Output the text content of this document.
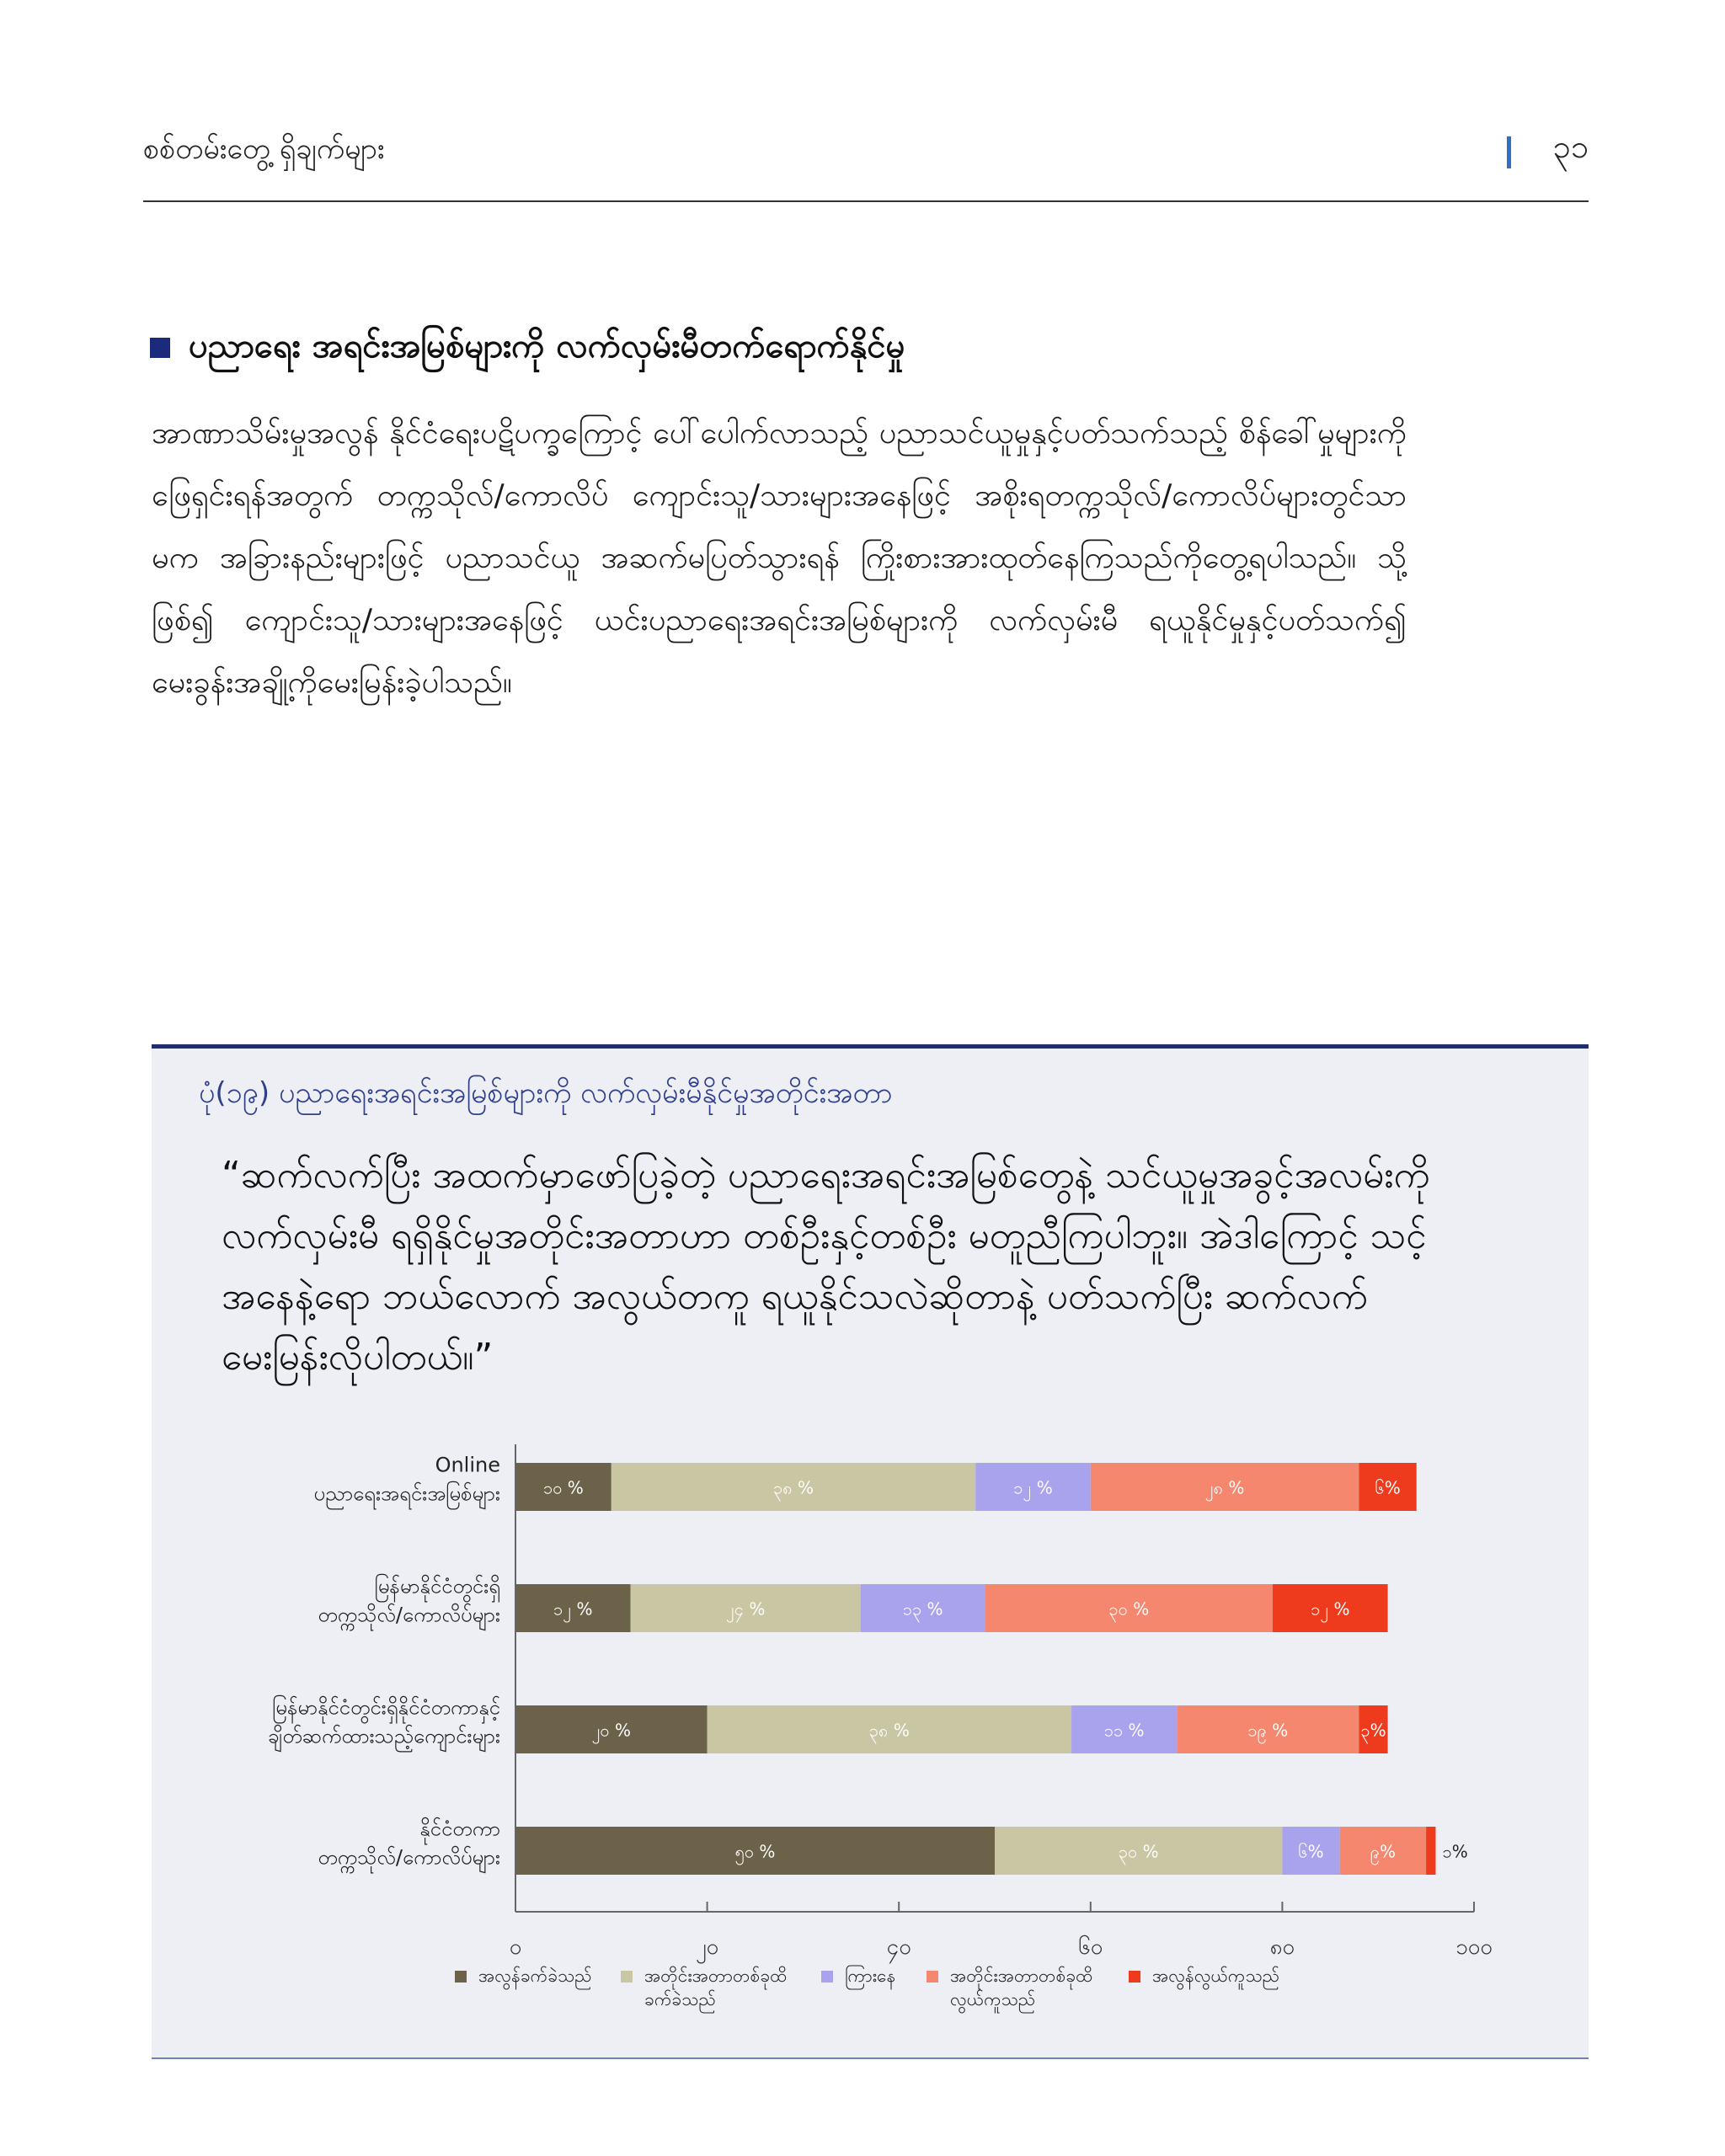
စစ်တမ်းတွေ့ ရှိချက်များ	၃၁
ပညာရေး အရင်းအမြစ်များကို လက်လှမ်းမီတက်ရောက်နိုင်မှု
အာဏာသိမ်းမှုအလွန် နိုင်ငံရေးပဋိပက္ခကြောင့် ပေါ်ပေါက်လာသည့် ပညာသင်ယူမှုနှင့်ပတ်သက်သည့် စိန်ခေါ်မှုများကို ဖြေရှင်းရန်အတွက် တက္ကသိုလ်/ကောလိပ် ကျောင်းသူ/သားများအနေဖြင့် အစိုးရတက္ကသိုလ်/ကောလိပ်များတွင်သာမက အခြားနည်းများဖြင့် ပညာသင်ယူ အဆက်မပြတ်သွားရန် ကြိုးစားအားထုတ်နေကြသည်ကိုတွေ့ရပါသည်။ သို့ဖြစ်၍ ကျောင်းသူ/သားများအနေဖြင့် ယင်းပညာရေးအရင်းအမြစ်များကို လက်လှမ်းမီ ရယူနိုင်မှုနှင့်ပတ်သက်၍ မေးခွန်းအချို့ကိုမေးမြန်းခဲ့ပါသည်။
ပုံ(၁၉) ပညာရေးအရင်းအမြစ်များကို လက်လှမ်းမီနိုင်မှုအတိုင်းအတာ
“ဆက်လက်ပြီး အထက်မှာဖော်ပြခဲ့တဲ့ ပညာရေးအရင်းအမြစ်တွေနဲ့ သင်ယူမှုအခွင့်အလမ်းကို လက်လှမ်းမီ ရရှိနိုင်မှုအတိုင်းအတာဟာ တစ်ဦးနှင့်တစ်ဦး မတူညီကြပါဘူး။ အဲဒါကြောင့် သင့်အနေနဲ့ရော ဘယ်လောက် အလွယ်တကူ ရယူနိုင်သလဲဆိုတာနဲ့ ပတ်သက်ပြီး ဆက်လက်မေးမြန်းလိုပါတယ်။”
Online ပညာရေးအရင်းအမြစ်များ	၁၀ %	၃၈ %	၁၂ %	၂၈ %	၆%
မြန်မာနိုင်ငံတွင်းရှိတက္ကသိုလ်/ကောလိပ်များ	၁၂ %	၂၄ %	၁၃ %	၃၀ %	၁၂ %
မြန်မာနိုင်ငံတွင်းရှိနိုင်ငံတကာနှင့်ချိတ်ဆက်ထားသည့်ကျောင်းများ	၂၀ %	၃၈ %	၁၁ %	၁၉ %	၃%
နိုင်ငံတကာတက္ကသိုလ်/ကောလိပ်များ	၅၀ %	၃၀ %	၆%	၉%	၁%
၀	၂၀	၄၀	၆၀	၈၀	၁၀၀
အလွန်ခက်ခဲသည်	အတိုင်းအတာတစ်ခုထိခက်ခဲသည်
ကြားနေ	အတိုင်းအတာတစ်ခုထိလွယ်ကူသည်
အလွန်လွယ်ကူသည်
